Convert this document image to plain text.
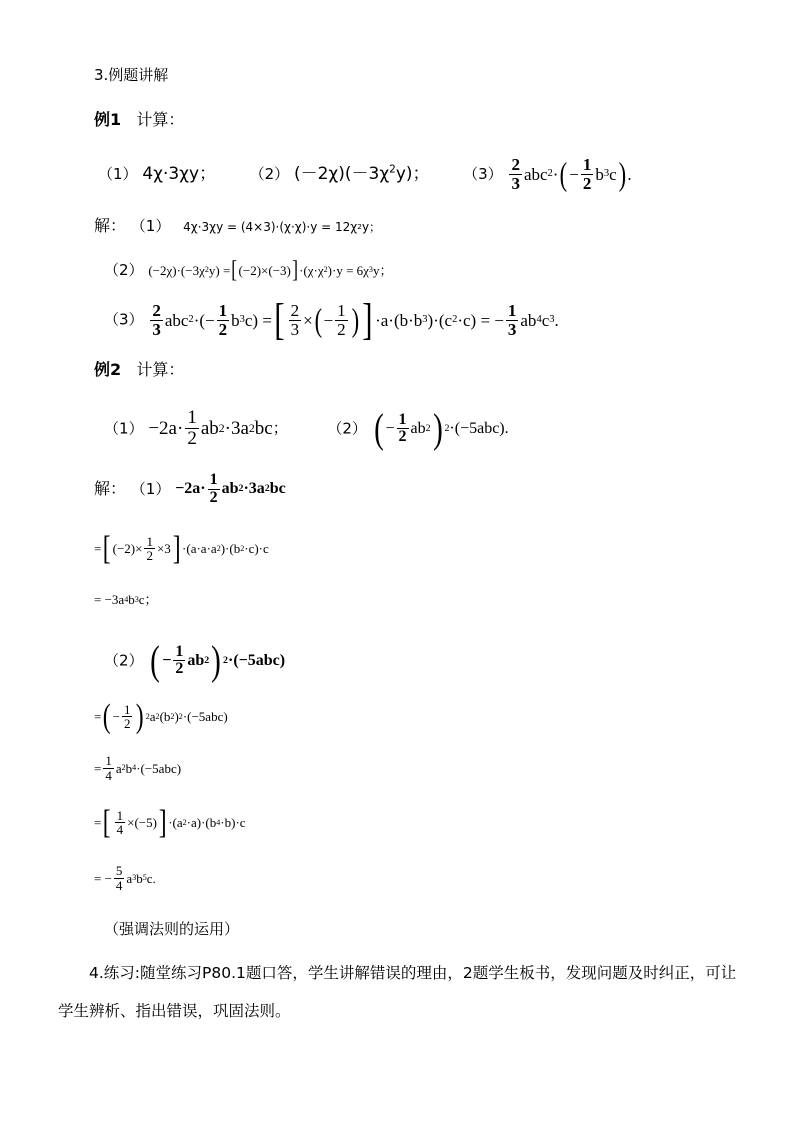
3.例题讲解
例1 计算：
（1） 4χ·3χy； （2） $(-2\chi)(-3\chi^2y)$； $(3) \frac{2}{3}$ abc 2 · ( − $\frac{1}{2}$ b 3 c ) .
解： （1） 4χ·3χy = (4×3)·(χ·χ)·y = 12χ 2 y；
（2） (−2χ)·(−3χ 2 y) = [ (−2)×(−3) ] ·(χ·χ 2 )·y = 6χ 3 y；
$(3) \frac{2}{3}$ abc 2 ·(− $\frac{1}{2}$ b 3 c) = [ $\frac{2}{3}$ × ( − $\frac{1}{2}$ ) ] ·a·(b·b 3 )·(c 2 ·c) = − $\frac{1}{3}$ ab 4 c 3 .
例2 计算：
$(1) -2a\cdot \frac{1}{2}$ ab 2 ·3a 2 bc ；	（2） ( − $\frac{1}{2}$ ab 2 ) 2 ·(−5abc).
解： $(1) -2a\cdot \frac{1}{2}$ ab 2 ·3a 2 bc
= [ $(-2)\times \frac{1}{2} \times 3$ ] ·(a·a·a 2 )·(b 2 ·c)·c
= −3a 4 b 3 c；
（2） ( − $\frac{1}{2}$ ab 2 ) 2 ·(−5abc)
= ( − $\frac{1}{2}$ ) 2 a 2 (b 2 ) 2 ·(−5abc)
= $\frac{1}{4}$ a 2 b 4 ·(−5abc)
= [ $\frac{1}{4} \times(-5)$ ] ·(a 2 ·a)·(b 4 ·b)·c
= − $\frac{5}{4}$ a 3 b 5 c.
（强调法则的运用）

4.练习:随堂练习P80.1题口答，学生讲解错误的理由，2题学生板书，发现问题及时纠正，可让学生辨析、指出错误，巩固法则。
